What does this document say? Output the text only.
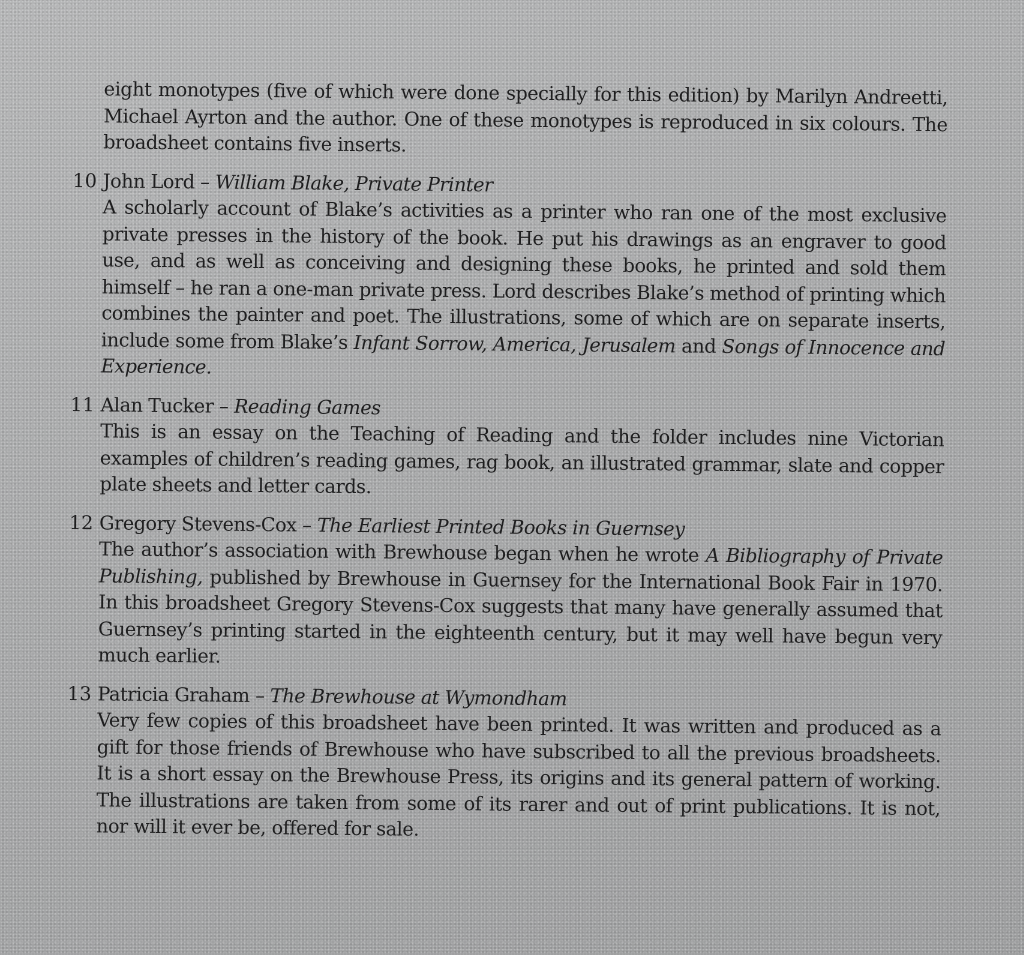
eight monotypes (five of which were done specially for this edition) by Marilyn Andreetti, Michael Ayrton and the author. One of these monotypes is reproduced in six colours. The broadsheet contains five inserts.

10 John Lord – William Blake, Private Printer

A scholarly account of Blake’s activities as a printer who ran one of the most exclusive private presses in the history of the book. He put his drawings as an engraver to good use, and as well as conceiving and designing these books, he printed and sold them himself – he ran a one-man private press. Lord describes Blake’s method of printing which combines the painter and poet. The illustrations, some of which are on separate inserts, include some from Blake’s Infant Sorrow, America, Jerusalem and Songs of Innocence and Experience.

11 Alan Tucker – Reading Games

This is an essay on the Teaching of Reading and the folder includes nine Victorian examples of children’s reading games, rag book, an illustrated grammar, slate and copper plate sheets and letter cards.

12 Gregory Stevens-Cox – The Earliest Printed Books in Guernsey

The author’s association with Brewhouse began when he wrote A Bibliography of Private Publishing, published by Brewhouse in Guernsey for the International Book Fair in 1970. In this broadsheet Gregory Stevens-Cox suggests that many have generally assumed that Guernsey’s printing started in the eighteenth century, but it may well have begun very much earlier.

13 Patricia Graham – The Brewhouse at Wymondham

Very few copies of this broadsheet have been printed. It was written and produced as a gift for those friends of Brewhouse who have subscribed to all the previous broadsheets. It is a short essay on the Brewhouse Press, its origins and its general pattern of working. The illustrations are taken from some of its rarer and out of print publications. It is not, nor will it ever be, offered for sale.
